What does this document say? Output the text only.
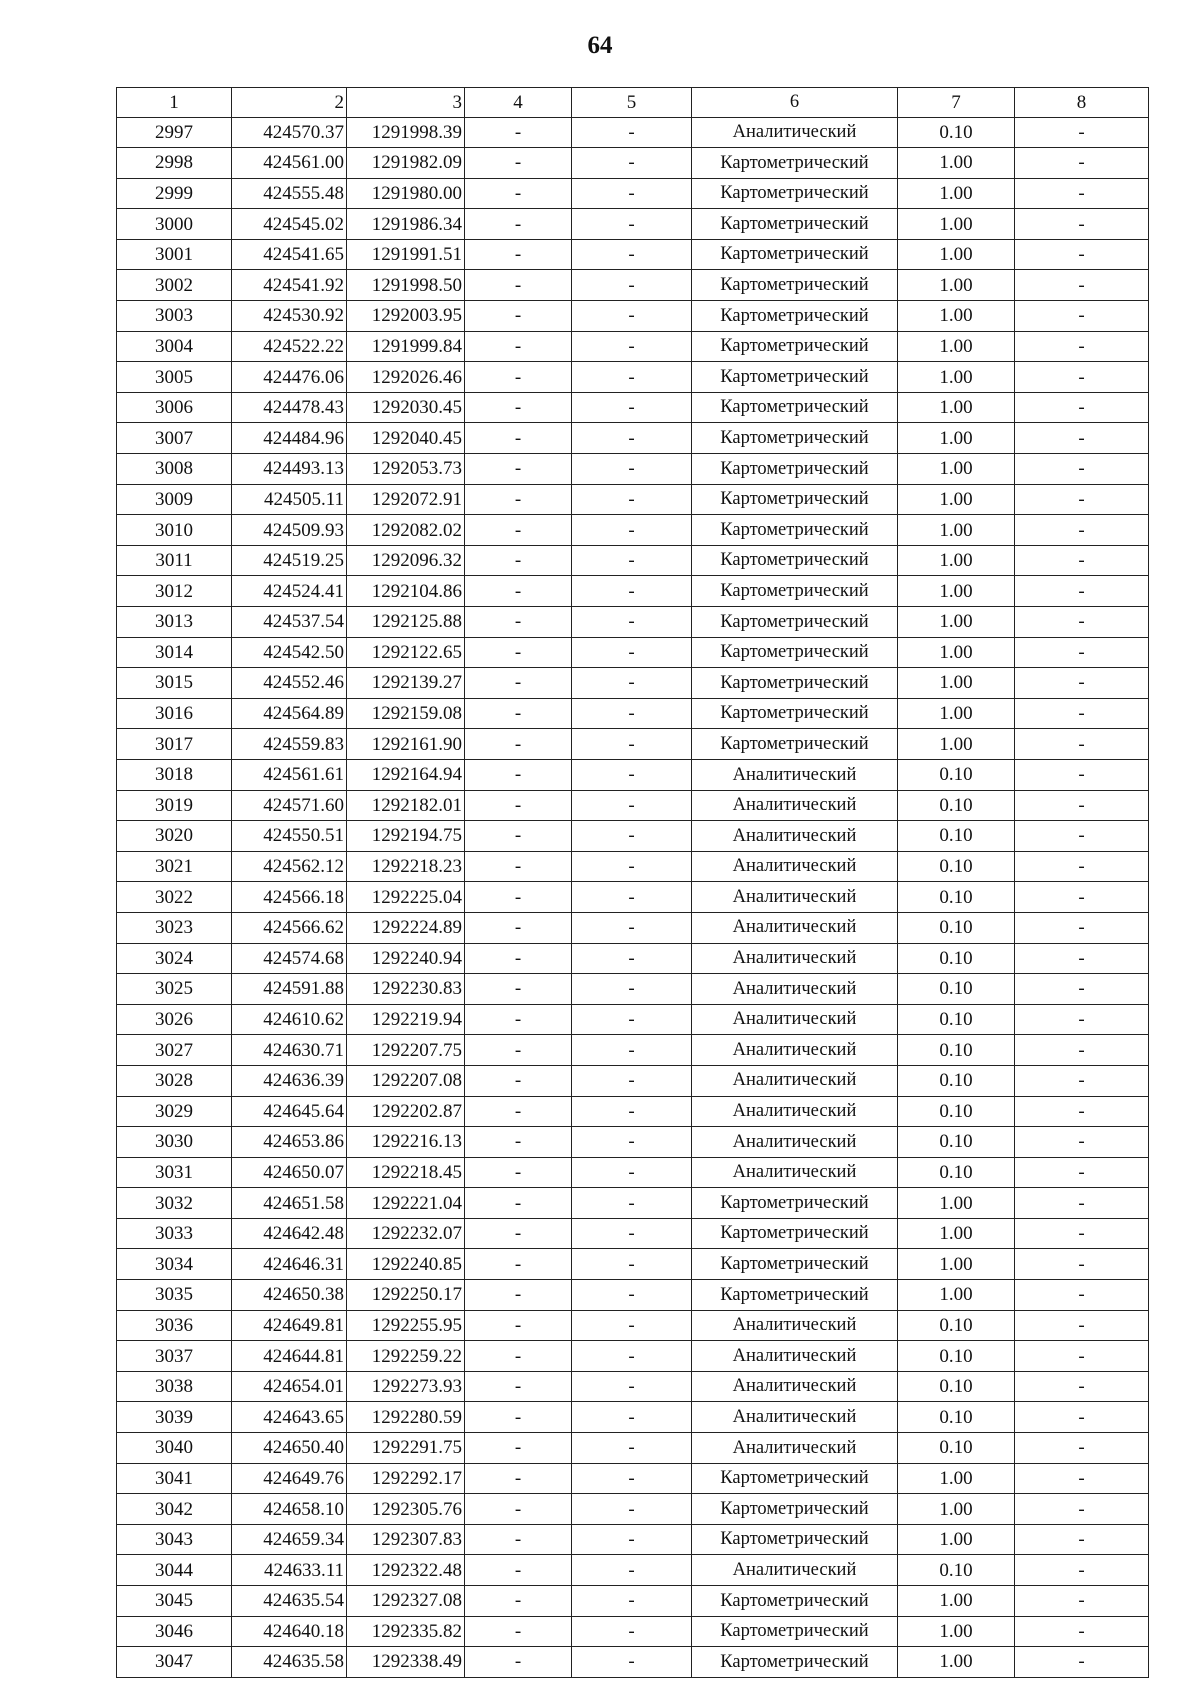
64
1	2	3	4	5	6	7	8
2997	424570.37	1291998.39	-	-	Аналитический	0.10	-
2998	424561.00	1291982.09	-	-	Картометрический	1.00	-
2999	424555.48	1291980.00	-	-	Картометрический	1.00	-
3000	424545.02	1291986.34	-	-	Картометрический	1.00	-
3001	424541.65	1291991.51	-	-	Картометрический	1.00	-
3002	424541.92	1291998.50	-	-	Картометрический	1.00	-
3003	424530.92	1292003.95	-	-	Картометрический	1.00	-
3004	424522.22	1291999.84	-	-	Картометрический	1.00	-
3005	424476.06	1292026.46	-	-	Картометрический	1.00	-
3006	424478.43	1292030.45	-	-	Картометрический	1.00	-
3007	424484.96	1292040.45	-	-	Картометрический	1.00	-
3008	424493.13	1292053.73	-	-	Картометрический	1.00	-
3009	424505.11	1292072.91	-	-	Картометрический	1.00	-
3010	424509.93	1292082.02	-	-	Картометрический	1.00	-
3011	424519.25	1292096.32	-	-	Картометрический	1.00	-
3012	424524.41	1292104.86	-	-	Картометрический	1.00	-
3013	424537.54	1292125.88	-	-	Картометрический	1.00	-
3014	424542.50	1292122.65	-	-	Картометрический	1.00	-
3015	424552.46	1292139.27	-	-	Картометрический	1.00	-
3016	424564.89	1292159.08	-	-	Картометрический	1.00	-
3017	424559.83	1292161.90	-	-	Картометрический	1.00	-
3018	424561.61	1292164.94	-	-	Аналитический	0.10	-
3019	424571.60	1292182.01	-	-	Аналитический	0.10	-
3020	424550.51	1292194.75	-	-	Аналитический	0.10	-
3021	424562.12	1292218.23	-	-	Аналитический	0.10	-
3022	424566.18	1292225.04	-	-	Аналитический	0.10	-
3023	424566.62	1292224.89	-	-	Аналитический	0.10	-
3024	424574.68	1292240.94	-	-	Аналитический	0.10	-
3025	424591.88	1292230.83	-	-	Аналитический	0.10	-
3026	424610.62	1292219.94	-	-	Аналитический	0.10	-
3027	424630.71	1292207.75	-	-	Аналитический	0.10	-
3028	424636.39	1292207.08	-	-	Аналитический	0.10	-
3029	424645.64	1292202.87	-	-	Аналитический	0.10	-
3030	424653.86	1292216.13	-	-	Аналитический	0.10	-
3031	424650.07	1292218.45	-	-	Аналитический	0.10	-
3032	424651.58	1292221.04	-	-	Картометрический	1.00	-
3033	424642.48	1292232.07	-	-	Картометрический	1.00	-
3034	424646.31	1292240.85	-	-	Картометрический	1.00	-
3035	424650.38	1292250.17	-	-	Картометрический	1.00	-
3036	424649.81	1292255.95	-	-	Аналитический	0.10	-
3037	424644.81	1292259.22	-	-	Аналитический	0.10	-
3038	424654.01	1292273.93	-	-	Аналитический	0.10	-
3039	424643.65	1292280.59	-	-	Аналитический	0.10	-
3040	424650.40	1292291.75	-	-	Аналитический	0.10	-
3041	424649.76	1292292.17	-	-	Картометрический	1.00	-
3042	424658.10	1292305.76	-	-	Картометрический	1.00	-
3043	424659.34	1292307.83	-	-	Картометрический	1.00	-
3044	424633.11	1292322.48	-	-	Аналитический	0.10	-
3045	424635.54	1292327.08	-	-	Картометрический	1.00	-
3046	424640.18	1292335.82	-	-	Картометрический	1.00	-
3047	424635.58	1292338.49	-	-	Картометрический	1.00	-
